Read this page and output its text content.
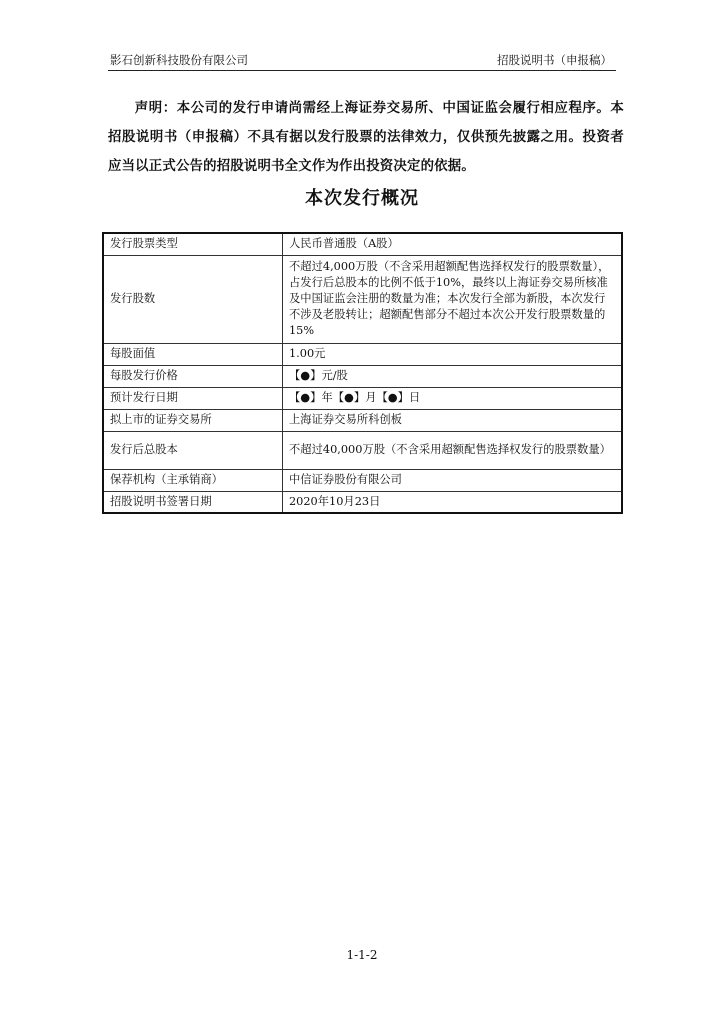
影石创新科技股份有限公司	招股说明书（申报稿）
声明：本公司的发行申请尚需经上海证券交易所、中国证监会履行相应程序。本招股说明书（申报稿）不具有据以发行股票的法律效力，仅供预先披露之用。投资者应当以正式公告的招股说明书全文作为作出投资决定的依据。
本次发行概况
发行股票类型	人民币普通股（A股）
发行股数	不超过4,000万股（不含采用超额配售选择权发行的股票数量），占发行后总股本的比例不低于10%，最终以上海证券交易所核准及中国证监会注册的数量为准；本次发行全部为新股，本次发行不涉及老股转让；超额配售部分不超过本次公开发行股票数量的15%
每股面值	1.00元
每股发行价格	【●】元/股
预计发行日期	【●】年【●】月【●】日
拟上市的证券交易所	上海证券交易所科创板
发行后总股本	不超过40,000万股（不含采用超额配售选择权发行的股票数量）
保荐机构（主承销商）	中信证券股份有限公司
招股说明书签署日期	2020年10月23日
1-1-2
